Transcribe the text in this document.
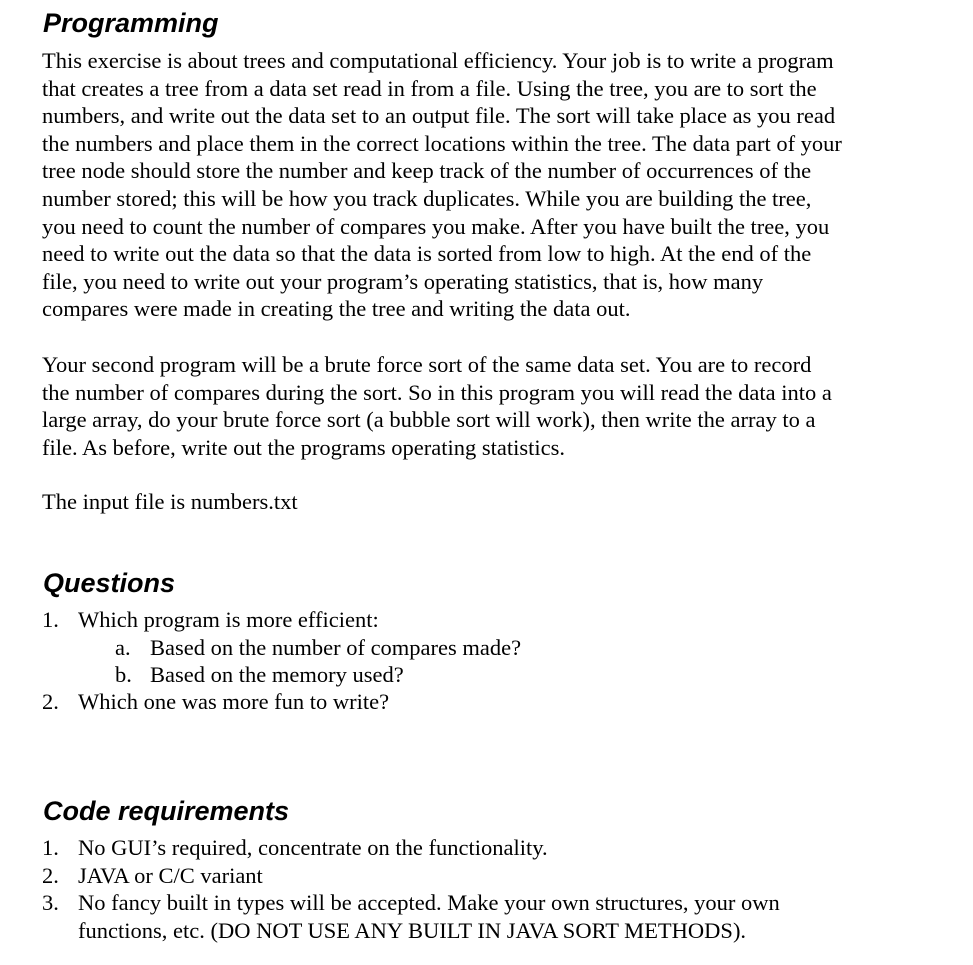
Programming
This exercise is about trees and computational efficiency. Your job is to write a program
that creates a tree from a data set read in from a file. Using the tree, you are to sort the
numbers, and write out the data set to an output file. The sort will take place as you read
the numbers and place them in the correct locations within the tree. The data part of your
tree node should store the number and keep track of the number of occurrences of the
number stored; this will be how you track duplicates. While you are building the tree,
you need to count the number of compares you make. After you have built the tree, you
need to write out the data so that the data is sorted from low to high. At the end of the
file, you need to write out your program’s operating statistics, that is, how many
compares were made in creating the tree and writing the data out.
Your second program will be a brute force sort of the same data set. You are to record
the number of compares during the sort. So in this program you will read the data into a
large array, do your brute force sort (a bubble sort will work), then write the array to a
file. As before, write out the programs operating statistics.
The input file is numbers.txt
Questions
1. Which program is more efficient:
a. Based on the number of compares made?
b. Based on the memory used?
2. Which one was more fun to write?
Code requirements
1. No GUI’s required, concentrate on the functionality.
2. JAVA or C/C variant
3. No fancy built in types will be accepted. Make your own structures, your own
functions, etc. (DO NOT USE ANY BUILT IN JAVA SORT METHODS).
